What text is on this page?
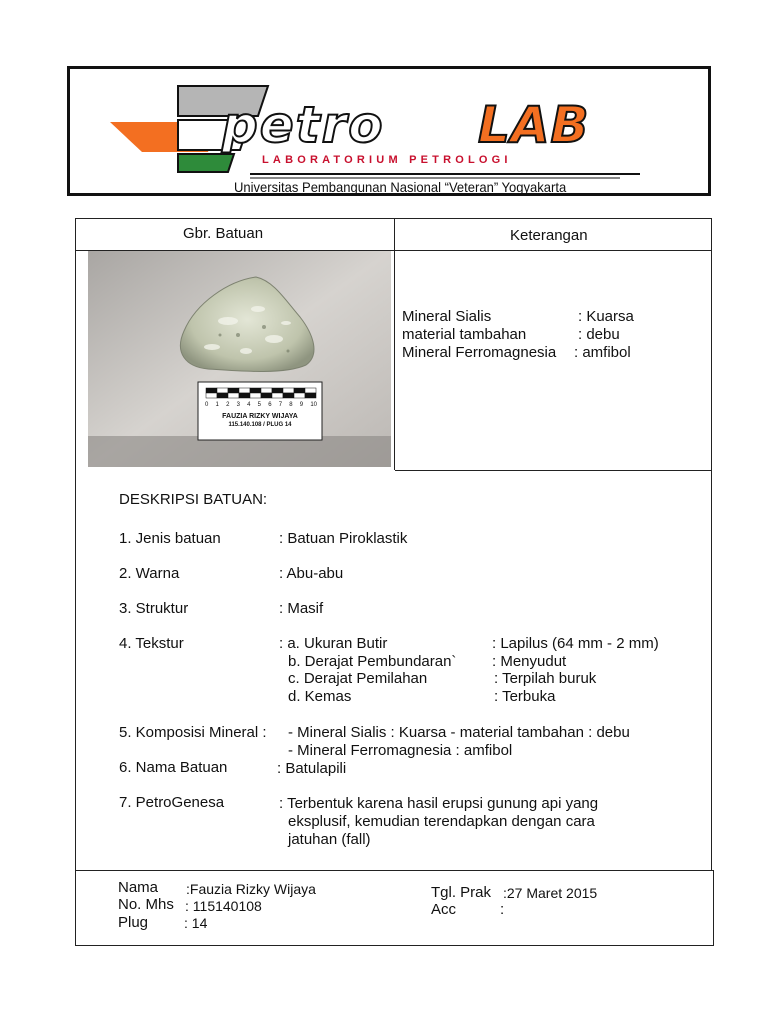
petro LAB
LABORATORIUM PETROLOGI
Universitas Pembangunan Nasional “Veteran” Yogyakarta
Gbr. Batuan	Keterangan
0 1 2 3 4 5 6 7 8 9 10
FAUZIA RIZKY WIJAYA
115.140.108 / PLUG 14
Mineral Sialis	: Kuarsa
material tambahan	: debu
Mineral Ferromagnesia : amfibol
DESKRIPSI BATUAN:
1. Jenis batuan	: Batuan Piroklastik
2. Warna	: Abu-abu
3. Struktur	: Masif
4. Tekstur	: a. Ukuran Butir	: Lapilus (64 mm - 2 mm)
b. Derajat Pembundaran` : Menyudut
c. Derajat Pemilahan	: Terpilah buruk
d. Kemas	: Terbuka
5. Komposisi Mineral : - Mineral Sialis : Kuarsa - material tambahan : debu
- Mineral Ferromagnesia : amfibol
6. Nama Batuan	: Batulapili
7. PetroGenesa	: Terbentuk karena hasil erupsi gunung api yang
eksplusif, kemudian terendapkan dengan cara
jatuhan (fall)
Nama :Fauzia Rizky Wijaya
No. Mhs : 115140108
Plug	: 14
Tgl. Prak :27 Maret 2015
Acc	:
